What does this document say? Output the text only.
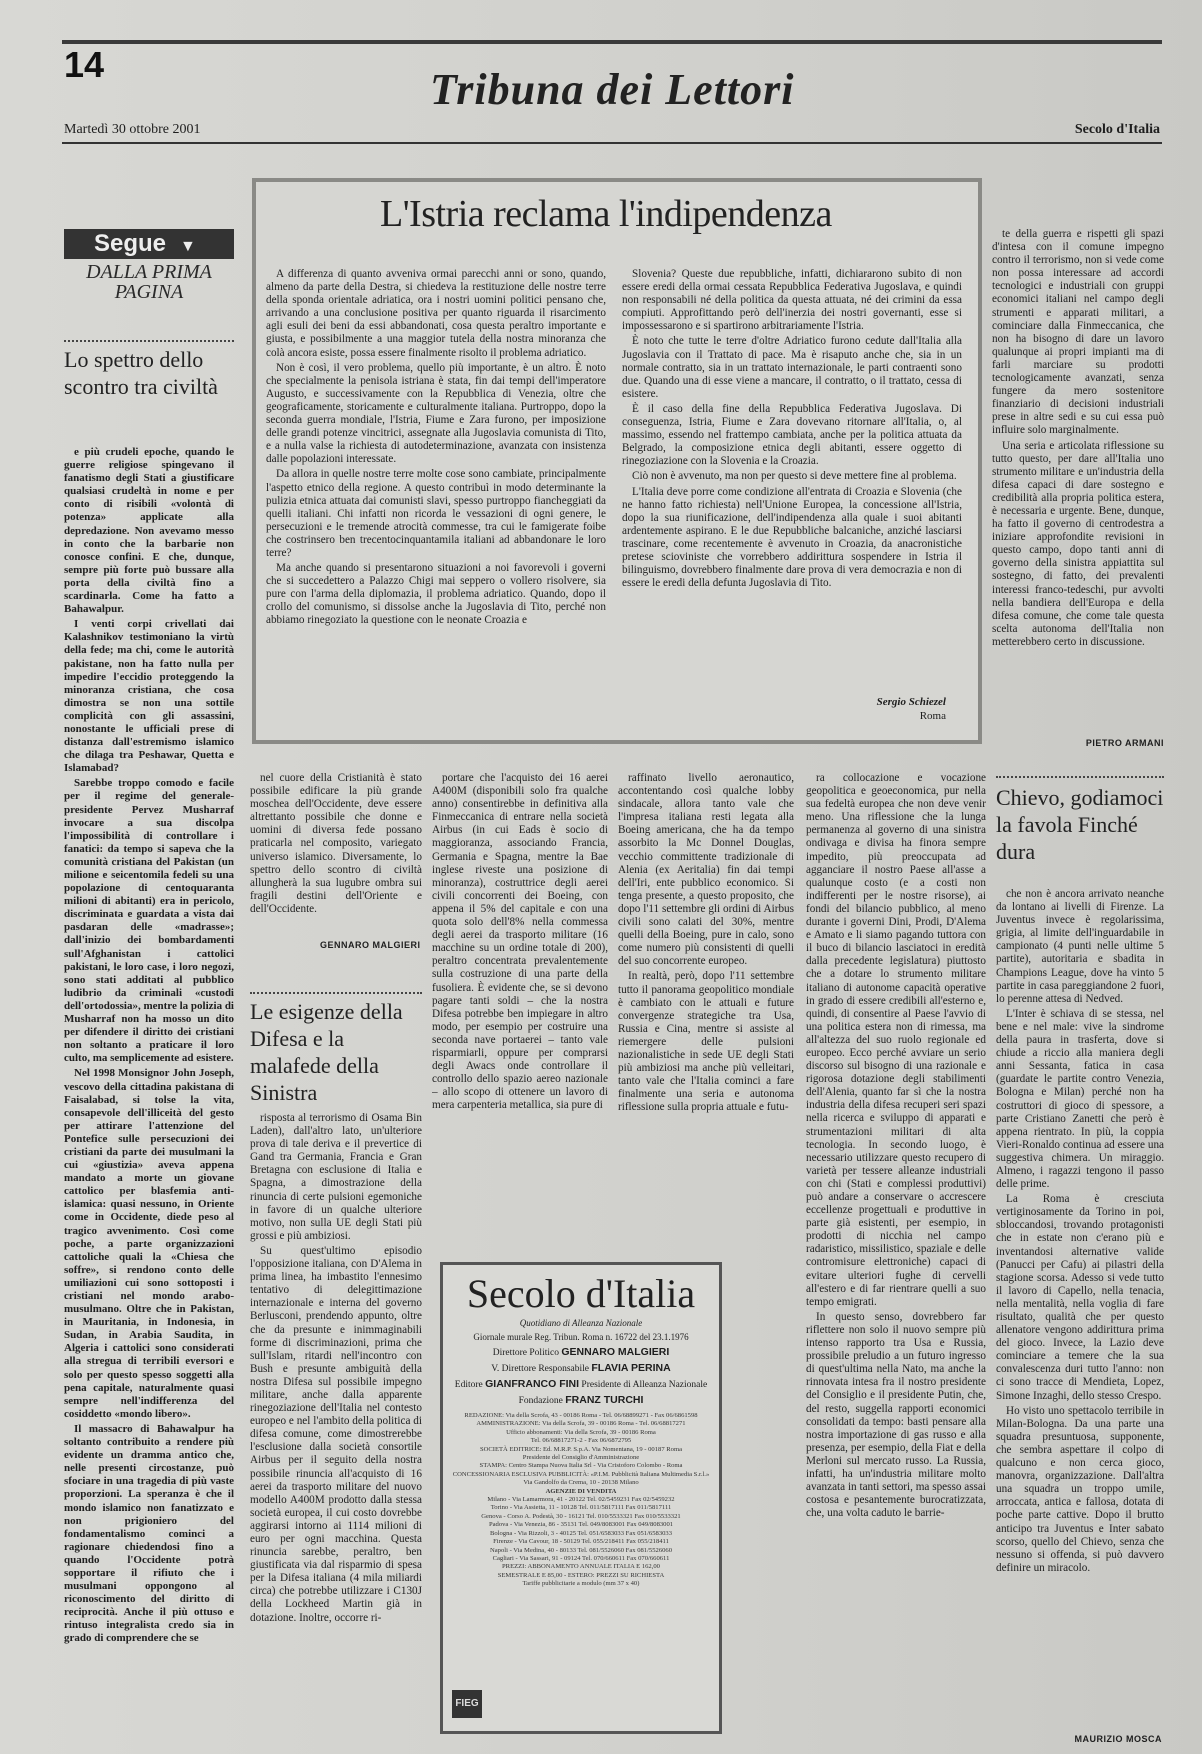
14
Tribuna dei Lettori
Martedì 30 ottobre 2001	Secolo d'Italia
Segue ▼
DALLA PRIMA PAGINA
Lo spettro dello scontro tra civiltà

e più crudeli epoche, quando le guerre religiose spingevano il fanatismo degli Stati a giustificare qualsiasi crudeltà in nome e per conto di risibili «volontà di potenza» applicate alla depredazione. Non avevamo messo in conto che la barbarie non conosce confini. E che, dunque, sempre più forte può bussare alla porta della civiltà fino a scardinarla. Come ha fatto a Bahawalpur.

I venti corpi crivellati dai Kalashnikov testimoniano la virtù della fede; ma chi, come le autorità pakistane, non ha fatto nulla per impedire l'eccidio proteggendo la minoranza cristiana, che cosa dimostra se non una sottile complicità con gli assassini, nonostante le ufficiali prese di distanza dall'estremismo islamico che dilaga tra Peshawar, Quetta e Islamabad?

Sarebbe troppo comodo e facile per il regime del generale-presidente Pervez Musharraf invocare a sua discolpa l'impossibilità di controllare i fanatici: da tempo si sapeva che la comunità cristiana del Pakistan (un milione e seicentomila fedeli su una popolazione di centoquaranta milioni di abitanti) era in pericolo, discriminata e guardata a vista dai pasdaran delle «madrasse»; dall'inizio dei bombardamenti sull'Afghanistan i cattolici pakistani, le loro case, i loro negozi, sono stati additati al pubblico ludibrio da criminali «custodi dell'ortodossia», mentre la polizia di Musharraf non ha mosso un dito per difendere il diritto dei cristiani non soltanto a praticare il loro culto, ma semplicemente ad esistere.

Nel 1998 Monsignor John Joseph, vescovo della cittadina pakistana di Faisalabad, si tolse la vita, consapevole dell'illiceità del gesto per attirare l'attenzione del Pontefice sulle persecuzioni dei cristiani da parte dei musulmani la cui «giustizia» aveva appena mandato a morte un giovane cattolico per blasfemia anti-islamica: quasi nessuno, in Oriente come in Occidente, diede peso al tragico avvenimento. Così come poche, a parte organizzazioni cattoliche quali la «Chiesa che soffre», si rendono conto delle umiliazioni cui sono sottoposti i cristiani nel mondo arabo-musulmano. Oltre che in Pakistan, in Mauritania, in Indonesia, in Sudan, in Arabia Saudita, in Algeria i cattolici sono considerati alla stregua di terribili eversori e solo per questo spesso soggetti alla pena capitale, naturalmente quasi sempre nell'indifferenza del cosiddetto «mondo libero».

Il massacro di Bahawalpur ha soltanto contribuito a rendere più evidente un dramma antico che, nelle presenti circostanze, può sfociare in una tragedia di più vaste proporzioni. La speranza è che il mondo islamico non fanatizzato e non prigioniero del fondamentalismo cominci a ragionare chiedendosi fino a quando l'Occidente potrà sopportare il rifiuto che i musulmani oppongono al riconoscimento del diritto di reciprocità. Anche il più ottuso e rintuso integralista credo sia in grado di comprendere che se

L'Istria reclama l'indipendenza

A differenza di quanto avveniva ormai parecchi anni or sono, quando, almeno da parte della Destra, si chiedeva la restituzione delle nostre terre della sponda orientale adriatica, ora i nostri uomini politici pensano che, arrivando a una conclusione positiva per quanto riguarda il risarcimento agli esuli dei beni da essi abbandonati, cosa questa peraltro importante e giusta, e possibilmente a una maggior tutela della nostra minoranza che colà ancora esiste, possa essere finalmente risolto il problema adriatico.

Non è così, il vero problema, quello più importante, è un altro. È noto che specialmente la penisola istriana è stata, fin dai tempi dell'imperatore Augusto, e successivamente con la Repubblica di Venezia, oltre che geograficamente, storicamente e culturalmente italiana. Purtroppo, dopo la seconda guerra mondiale, l'Istria, Fiume e Zara furono, per imposizione delle grandi potenze vincitrici, assegnate alla Jugoslavia comunista di Tito, e a nulla valse la richiesta di autodeterminazione, avanzata con insistenza dalle popolazioni interessate.

Da allora in quelle nostre terre molte cose sono cambiate, principalmente l'aspetto etnico della regione. A questo contribuì in modo determinante la pulizia etnica attuata dai comunisti slavi, spesso purtroppo fiancheggiati da quelli italiani. Chi infatti non ricorda le vessazioni di ogni genere, le persecuzioni e le tremende atrocità commesse, tra cui le famigerate foibe che costrinsero ben trecentocinquantamila italiani ad abbandonare le loro terre?

Ma anche quando si presentarono situazioni a noi favorevoli i governi che si succedettero a Palazzo Chigi mai seppero o vollero risolvere, sia pure con l'arma della diplomazia, il problema adriatico. Quando, dopo il crollo del comunismo, si dissolse anche la Jugoslavia di Tito, perché non abbiamo rinegoziato la questione con le neonate Croazia e

Slovenia? Queste due repubbliche, infatti, dichiararono subito di non essere eredi della ormai cessata Repubblica Federativa Jugoslava, e quindi non responsabili né della politica da questa attuata, né dei crimini da essa compiuti. Approfittando però dell'inerzia dei nostri governanti, esse si impossessarono e si spartirono arbitrariamente l'Istria.

È noto che tutte le terre d'oltre Adriatico furono cedute dall'Italia alla Jugoslavia con il Trattato di pace. Ma è risaputo anche che, sia in un normale contratto, sia in un trattato internazionale, le parti contraenti sono due. Quando una di esse viene a mancare, il contratto, o il trattato, cessa di esistere.

È il caso della fine della Repubblica Federativa Jugoslava. Di conseguenza, Istria, Fiume e Zara dovevano ritornare all'Italia, o, al massimo, essendo nel frattempo cambiata, anche per la politica attuata da Belgrado, la composizione etnica degli abitanti, essere oggetto di rinegoziazione con la Slovenia e la Croazia.

Ciò non è avvenuto, ma non per questo si deve mettere fine al problema.

L'Italia deve porre come condizione all'entrata di Croazia e Slovenia (che ne hanno fatto richiesta) nell'Unione Europea, la concessione all'Istria, dopo la sua riunificazione, dell'indipendenza alla quale i suoi abitanti ardentemente aspirano. E le due Repubbliche balcaniche, anziché lasciarsi trascinare, come recentemente è avvenuto in Croazia, da anacronistiche pretese scioviniste che vorrebbero addirittura sospendere in Istria il bilinguismo, dovrebbero finalmente dare prova di vera democrazia e non di essere le eredi della defunta Jugoslavia di Tito.

Sergio Schiezel
Roma

te della guerra e rispetti gli spazi d'intesa con il comune impegno contro il terrorismo, non si vede come non possa interessare ad accordi tecnologici e industriali con gruppi economici italiani nel campo degli strumenti e apparati militari, a cominciare dalla Finmeccanica, che non ha bisogno di dare un lavoro qualunque ai propri impianti ma di farli marciare su prodotti tecnologicamente avanzati, senza fungere da mero sostenitore finanziario di decisioni industriali prese in altre sedi e su cui essa può influire solo marginalmente.

Una seria e articolata riflessione su tutto questo, per dare all'Italia uno strumento militare e un'industria della difesa capaci di dare sostegno e credibilità alla propria politica estera, è necessaria e urgente. Bene, dunque, ha fatto il governo di centrodestra a iniziare approfondite revisioni in questo campo, dopo tanti anni di governo della sinistra appiattita sul sostegno, di fatto, dei prevalenti interessi franco-tedeschi, pur avvolti nella bandiera dell'Europa e della difesa comune, che come tale questa scelta autonoma dell'Italia non metterebbero certo in discussione.

PIETRO ARMANI

nel cuore della Cristianità è stato possibile edificare la più grande moschea dell'Occidente, deve essere altrettanto possibile che donne e uomini di diversa fede possano praticarla nel composito, variegato universo islamico. Diversamente, lo spettro dello scontro di civiltà allungherà la sua lugubre ombra sui fragili destini dell'Oriente e dell'Occidente.

GENNARO MALGIERI
Le esigenze della Difesa e la malafede della Sinistra

risposta al terrorismo di Osama Bin Laden), dall'altro lato, un'ulteriore prova di tale deriva e il prevertice di Gand tra Germania, Francia e Gran Bretagna con esclusione di Italia e Spagna, a dimostrazione della rinuncia di certe pulsioni egemoniche in favore di un qualche ulteriore motivo, non sulla UE degli Stati più grossi e più ambiziosi.

Su quest'ultimo episodio l'opposizione italiana, con D'Alema in prima linea, ha imbastito l'ennesimo tentativo di delegittimazione internazionale e interna del governo Berlusconi, prendendo appunto, oltre che da presunte e inimmaginabili forme di discriminazioni, prima che sull'Islam, ritardi nell'incontro con Bush e presunte ambiguità della nostra Difesa sul possibile impegno militare, anche dalla apparente rinegoziazione dell'Italia nel contesto europeo e nel l'ambito della politica di difesa comune, come dimostrerebbe l'esclusione dalla società consortile Airbus per il seguito della nostra possibile rinuncia all'acquisto di 16 aerei da trasporto militare del nuovo modello A400M prodotto dalla stessa società europea, il cui costo dovrebbe aggirarsi intorno ai 1114 milioni di euro per ogni macchina. Questa rinuncia sarebbe, peraltro, ben giustificata via dal risparmio di spesa per la Difesa italiana (4 mila miliardi circa) che potrebbe utilizzare i C130J della Lockheed Martin già in dotazione. Inoltre, occorre ri-

portare che l'acquisto dei 16 aerei A400M (disponibili solo fra qualche anno) consentirebbe in definitiva alla Finmeccanica di entrare nella società Airbus (in cui Eads è socio di maggioranza, associando Francia, Germania e Spagna, mentre la Bae inglese riveste una posizione di minoranza), costruttrice degli aerei civili concorrenti dei Boeing, con appena il 5% del capitale e con una quota solo dell'8% nella commessa degli aerei da trasporto militare (16 macchine su un ordine totale di 200), peraltro concentrata prevalentemente sulla costruzione di una parte della fusoliera. È evidente che, se si devono pagare tanti soldi – che la nostra Difesa potrebbe ben impiegare in altro modo, per esempio per costruire una seconda nave portaerei – tanto vale risparmiarli, oppure per comprarsi degli Awacs onde controllare il controllo dello spazio aereo nazionale – allo scopo di ottenere un lavoro di mera carpenteria metallica, sia pure di

raffinato livello aeronautico, accontentando così qualche lobby sindacale, allora tanto vale che l'impresa italiana resti legata alla Boeing americana, che ha da tempo assorbito la Mc Donnel Douglas, vecchio committente tradizionale di Alenia (ex Aeritalia) fin dai tempi dell'Iri, ente pubblico economico. Si tenga presente, a questo proposito, che dopo l'11 settembre gli ordini di Airbus civili sono calati del 30%, mentre quelli della Boeing, pure in calo, sono come numero più consistenti di quelli del suo concorrente europeo.

In realtà, però, dopo l'11 settembre tutto il panorama geopolitico mondiale è cambiato con le attuali e future convergenze strategiche tra Usa, Russia e Cina, mentre si assiste al riemergere delle pulsioni nazionalistiche in sede UE degli Stati più ambiziosi ma anche più velleitari, tanto vale che l'Italia cominci a fare finalmente una seria e autonoma riflessione sulla propria attuale e futu-

ra collocazione e vocazione geopolitica e geoeconomica, pur nella sua fedeltà europea che non deve venir meno. Una riflessione che la lunga permanenza al governo di una sinistra ondivaga e divisa ha finora sempre impedito, più preoccupata ad agganciare il nostro Paese all'asse a qualunque costo (e a costi non indifferenti per le nostre risorse), ai fondi del bilancio pubblico, al meno durante i governi Dini, Prodi, D'Alema e Amato e li siamo pagando tuttora con il buco di bilancio lasciatoci in eredità dalla precedente legislatura) piuttosto che a dotare lo strumento militare italiano di autonome capacità operative in grado di essere credibili all'esterno e, quindi, di consentire al Paese l'avvio di una politica estera non di rimessa, ma all'altezza del suo ruolo regionale ed europeo. Ecco perché avviare un serio discorso sul bisogno di una razionale e rigorosa dotazione degli stabilimenti dell'Alenia, quanto far sì che la nostra industria della difesa recuperi seri spazi nella ricerca e sviluppo di apparati e strumentazioni militari di alta tecnologia. In secondo luogo, è necessario utilizzare questo recupero di varietà per tessere alleanze industriali con chi (Stati e complessi produttivi) può andare a conservare o accrescere eccellenze progettuali e produttive in parte già esistenti, per esempio, in prodotti di nicchia nel campo radaristico, missilistico, spaziale e delle contromisure elettroniche) capaci di evitare ulteriori fughe di cervelli all'estero e di far rientrare quelli a suo tempo emigrati.

In questo senso, dovrebbero far riflettere non solo il nuovo sempre più intenso rapporto tra Usa e Russia, prossibile preludio a un futuro ingresso di quest'ultima nella Nato, ma anche la rinnovata intesa fra il nostro presidente del Consiglio e il presidente Putin, che, del resto, suggella rapporti economici consolidati da tempo: basti pensare alla nostra importazione di gas russo e alla presenza, per esempio, della Fiat e della Merloni sul mercato russo. La Russia, infatti, ha un'industria militare molto avanzata in tanti settori, ma spesso assai costosa e pesantemente burocratizzata, che, una volta caduto le barrie-

Secolo d'Italia
Quotidiano di Alleanza Nazionale
Giornale murale Reg. Tribun. Roma n. 16722 del 23.1.1976
Direttore Politico GENNARO MALGIERI
V. Direttore Responsabile FLAVIA PERINA
Editore GIANFRANCO FINI Presidente di Alleanza Nazionale
Fondazione FRANZ TURCHI
REDAZIONE: Via della Scrofa, 43 - 00186 Roma - Tel. 06/68899271 - Fax 06/6861598
AMMINISTRAZIONE: Via della Scrofa, 39 - 00186 Roma - Tel. 06/68817271
Ufficio abbonamenti: Via della Scrofa, 39 - 00186 Roma
Tel. 06/68817271-2 - Fax 06/6872795
SOCIETÀ EDITRICE: Ed. M.R.P. S.p.A. Via Nomentana, 19 - 00187 Roma
Presidente del Consiglio d'Amministrazione
STAMPA: Centro Stampa Nuova Italia Srl - Via Cristoforo Colombo - Roma
CONCESSIONARIA ESCLUSIVA PUBBLICITÀ: «P.I.M. Pubblicità Italiana Multimedia S.r.l.»
Via Gandolfo da Crema, 10 - 20138 Milano
AGENZIE DI VENDITA
Milano - Via Lamarmora, 41 - 20122 Tel. 02/5459231 Fax 02/5459232
Torino - Via Assietta, 11 - 10128 Tel. 011/5817111 Fax 011/5817111
Genova - Corso A. Podestà, 30 - 16121 Tel. 010/5533321 Fax 010/5533321
Padova - Via Venezia, 86 - 35131 Tel. 049/8083001 Fax 049/8083001
Bologna - Via Rizzoli, 3 - 40125 Tel. 051/6583033 Fax 051/6583033
Firenze - Via Cavour, 18 - 50129 Tel. 055/218411 Fax 055/218411
Napoli - Via Medina, 40 - 80133 Tel. 081/5526060 Fax 081/5526060
Cagliari - Via Sassari, 91 - 09124 Tel. 070/660611 Fax 070/660611
PREZZI: ABBONAMENTO ANNUALE ITALIA E 162,00
SEMESTRALE E 85,00 - ESTERO: PREZZI SU RICHIESTA
Tariffe pubblicitarie a modulo (mm 37 x 40)
FIEG
Chievo, godiamoci la favola Finché dura

che non è ancora arrivato neanche da lontano ai livelli di Firenze. La Juventus invece è regolarissima, grigia, al limite dell'inguardabile in campionato (4 punti nelle ultime 5 partite), autoritaria e sbadita in Champions League, dove ha vinto 5 partite in casa pareggiandone 2 fuori, lo perenne attesa di Nedved.

L'Inter è schiava di se stessa, nel bene e nel male: vive la sindrome della paura in trasferta, dove si chiude a riccio alla maniera degli anni Sessanta, fatica in casa (guardate le partite contro Venezia, Bologna e Milan) perché non ha costruttori di gioco di spessore, a parte Cristiano Zanetti che però è appena rientrato. In più, la coppia Vieri-Ronaldo continua ad essere una suggestiva chimera. Un miraggio. Almeno, i ragazzi tengono il passo delle prime.

La Roma è cresciuta vertiginosamente da Torino in poi, sbloccandosi, trovando protagonisti che in estate non c'erano più e inventandosi alternative valide (Panucci per Cafu) ai pilastri della stagione scorsa. Adesso si vede tutto il lavoro di Capello, nella tenacia, nella mentalità, nella voglia di fare risultato, qualità che per questo allenatore vengono addirittura prima del gioco. Invece, la Lazio deve cominciare a temere che la sua convalescenza duri tutto l'anno: non ci sono tracce di Mendieta, Lopez, Simone Inzaghi, dello stesso Crespo.

Ho visto uno spettacolo terribile in Milan-Bologna. Da una parte una squadra presuntuosa, supponente, che sembra aspettare il colpo di qualcuno e non cerca gioco, manovra, organizzazione. Dall'altra una squadra un troppo umile, arroccata, antica e fallosa, dotata di poche parte cattive. Dopo il brutto anticipo tra Juventus e Inter sabato scorso, quello del Chievo, senza che nessuno si offenda, si può davvero definire un miracolo.

MAURIZIO MOSCA
